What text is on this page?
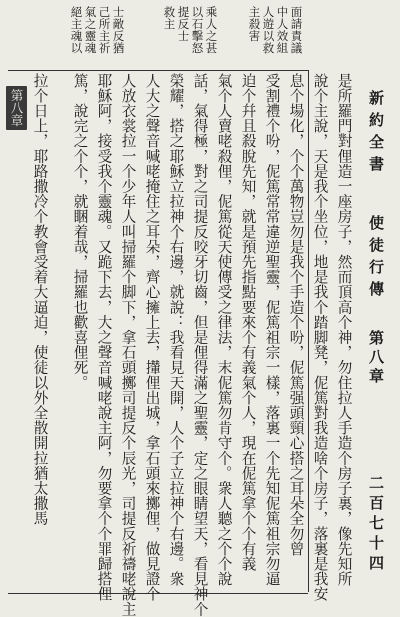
士敵反猶
己所主祈
氣之靈魂
絕主魂以	面請責議
中人效組
人遊以救
主殺害
乘人之甚
以石擊怒
提反士
救主
新約全書
使徒行傳
第八章
二百七十四
是所羅門對俚造一座房子，然而頂高个神，勿住拉人手造个房子裏，像先知所
說个主說，天是我个坐位，地是我个踏脚凳，伲篤對我造啥个房子，落裏是我安
息个場化，个个萬物豈勿是我个手造个吩，伲篤强頭頸心搭之耳朵全勿曾
受割禮个吩，伲篤常常違逆聖靈，伲篤祖宗一樣，落裏一个先知伲篤祖宗勿逼
迫个幷且殺脫先知，就是預先指點要來个有義氣个人，現在伲篤拿个个有義
氣个人賣咾殺俚，伲篤從天使傳受之律法，末伲篤勿肯守个。衆人聽之个个說
話，氣得極，對之司提反咬牙切齒，但是俚得滿之聖靈，定之眼睛望天，看見神个
榮耀，搭之耶穌立拉神个右邊，就說：我看見天開，人个子立拉神个右邊。衆
人大之聲音喊咾掩住之耳朵，齊心擁上去，攆俚出城，拿石頭來擲俚，做見證个
人放衣裳拉一个少年人叫掃羅个脚下，拿石頭擲司提反个辰光，司提反祈禱咾說主
耶穌阿，接受我个靈魂。又跪下去，大之聲音喊咾說主阿，勿要拿个个罪歸搭俚
篤，說完之个个，就睏着哉，掃羅也歡喜俚死。
第八章 拉个日上，耶路撒冷个教會受着大逼迫，使徒以外全散開拉猶太撒馬
